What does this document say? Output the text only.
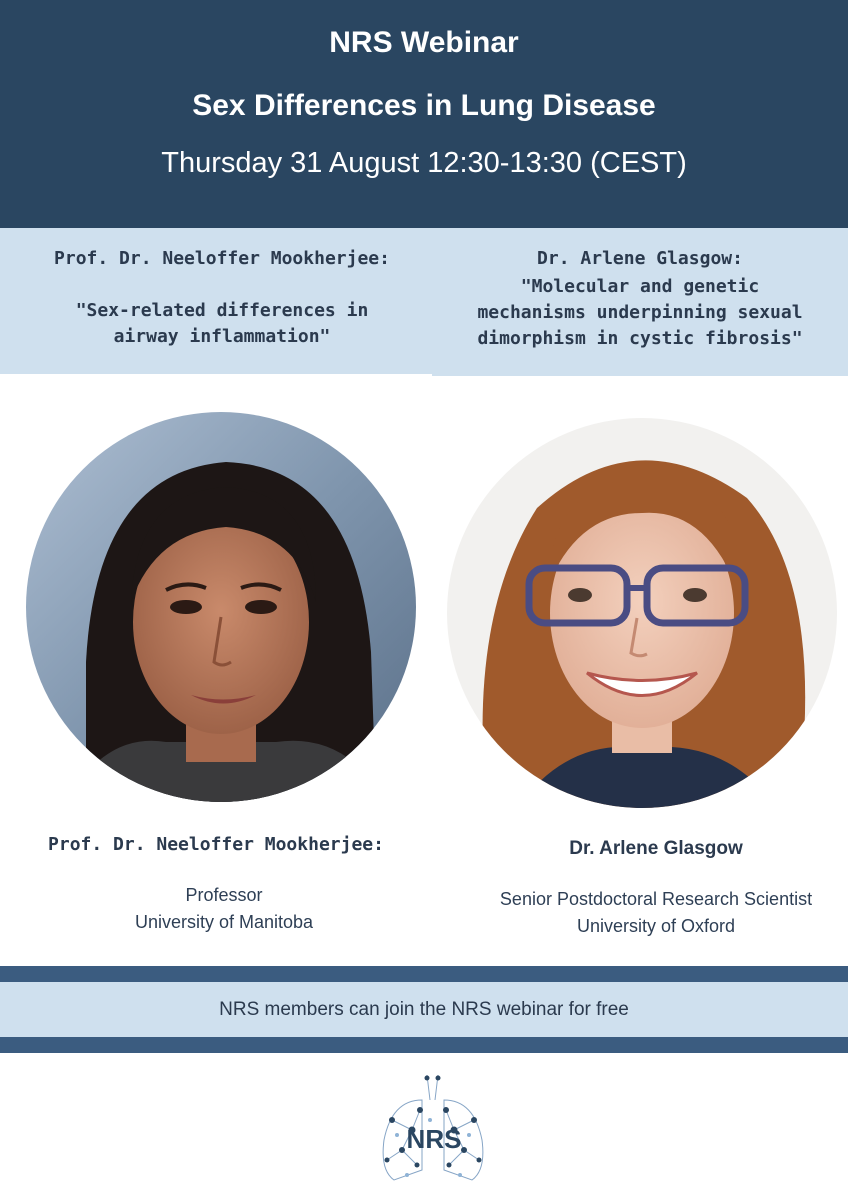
NRS Webinar
Sex Differences in Lung Disease
Thursday 31 August 12:30-13:30 (CEST)
Prof. Dr. Neeloffer Mookherjee:
"Sex-related differences in
airway inflammation"
Dr. Arlene Glasgow:
"Molecular and genetic
mechanisms underpinning sexual
dimorphism in cystic fibrosis"
Prof. Dr. Neeloffer Mookherjee:
Professor
University of Manitoba
Dr. Arlene Glasgow
Senior Postdoctoral Research Scientist
University of Oxford
NRS members can join the NRS webinar for free
NRS
